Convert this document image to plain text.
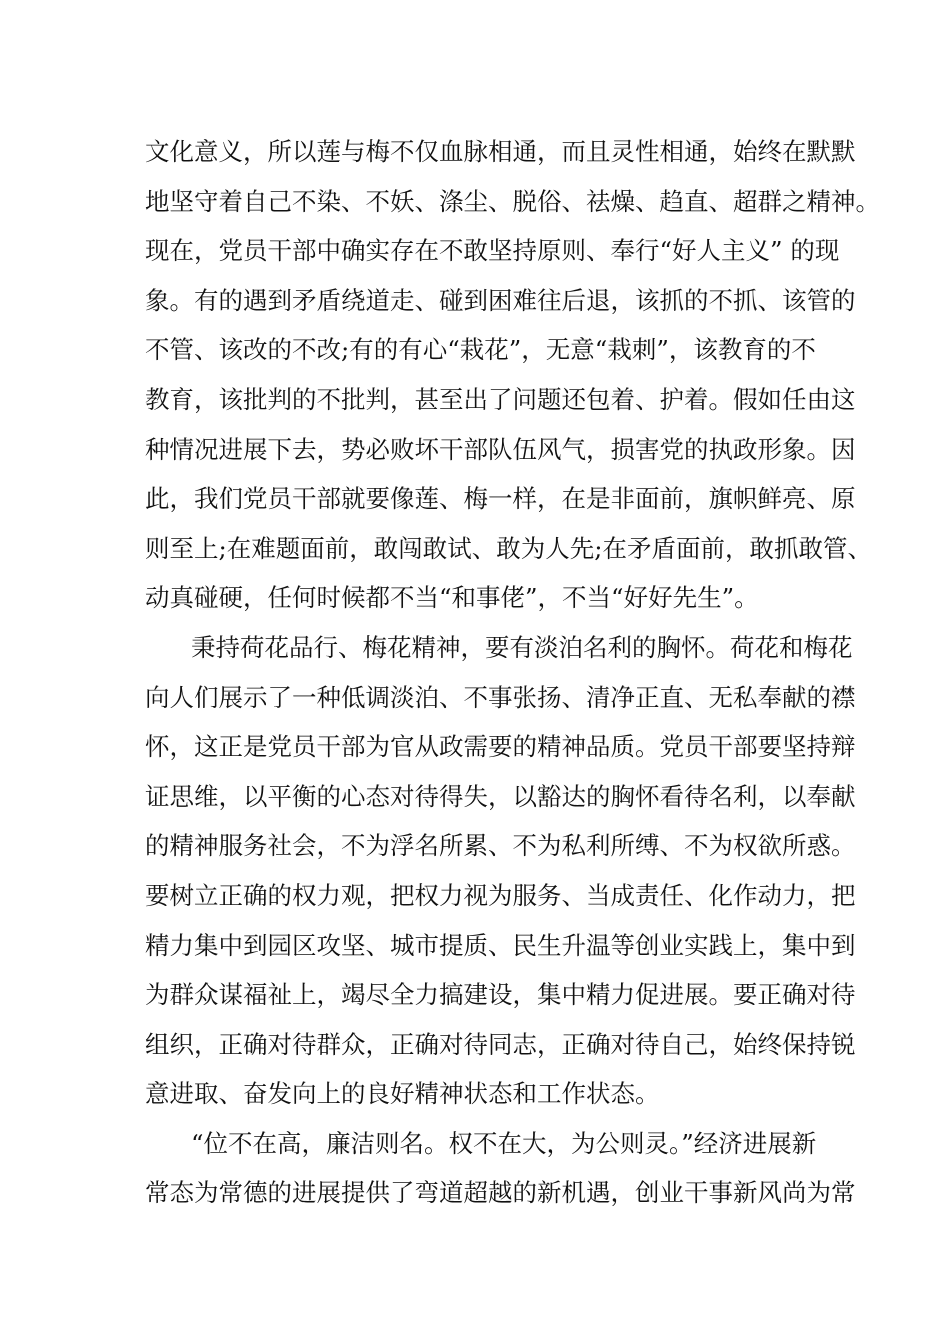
文化意义，所以莲与梅不仅血脉相通，而且灵性相通，始终在默默
地坚守着自己不染、不妖、涤尘、脱俗、祛燥、趋直、超群之精神。
现在，党员干部中确实存在不敢坚持原则、奉行“好人主义” 的现
象。有的遇到矛盾绕道走、碰到困难往后退，该抓的不抓、该管的
不管、该改的不改;有的有心“栽花”，无意“栽刺”，该教育的不
教育，该批判的不批判，甚至出了问题还包着、护着。假如任由这
种情况进展下去，势必败坏干部队伍风气，损害党的执政形象。因
此，我们党员干部就要像莲、梅一样，在是非面前，旗帜鲜亮、原
则至上;在难题面前，敢闯敢试、敢为人先;在矛盾面前，敢抓敢管、
动真碰硬，任何时候都不当“和事佬”，不当“好好先生”。
秉持荷花品行、梅花精神，要有淡泊名利的胸怀。荷花和梅花
向人们展示了一种低调淡泊、不事张扬、清净正直、无私奉献的襟
怀，这正是党员干部为官从政需要的精神品质。党员干部要坚持辩
证思维，以平衡的心态对待得失，以豁达的胸怀看待名利，以奉献
的精神服务社会，不为浮名所累、不为私利所缚、不为权欲所惑。
要树立正确的权力观，把权力视为服务、当成责任、化作动力，把
精力集中到园区攻坚、城市提质、民生升温等创业实践上，集中到
为群众谋福祉上，竭尽全力搞建设，集中精力促进展。要正确对待
组织，正确对待群众，正确对待同志，正确对待自己，始终保持锐
意进取、奋发向上的良好精神状态和工作状态。
“位不在高，廉洁则名。权不在大，为公则灵。”经济进展新
常态为常德的进展提供了弯道超越的新机遇，创业干事新风尚为常
